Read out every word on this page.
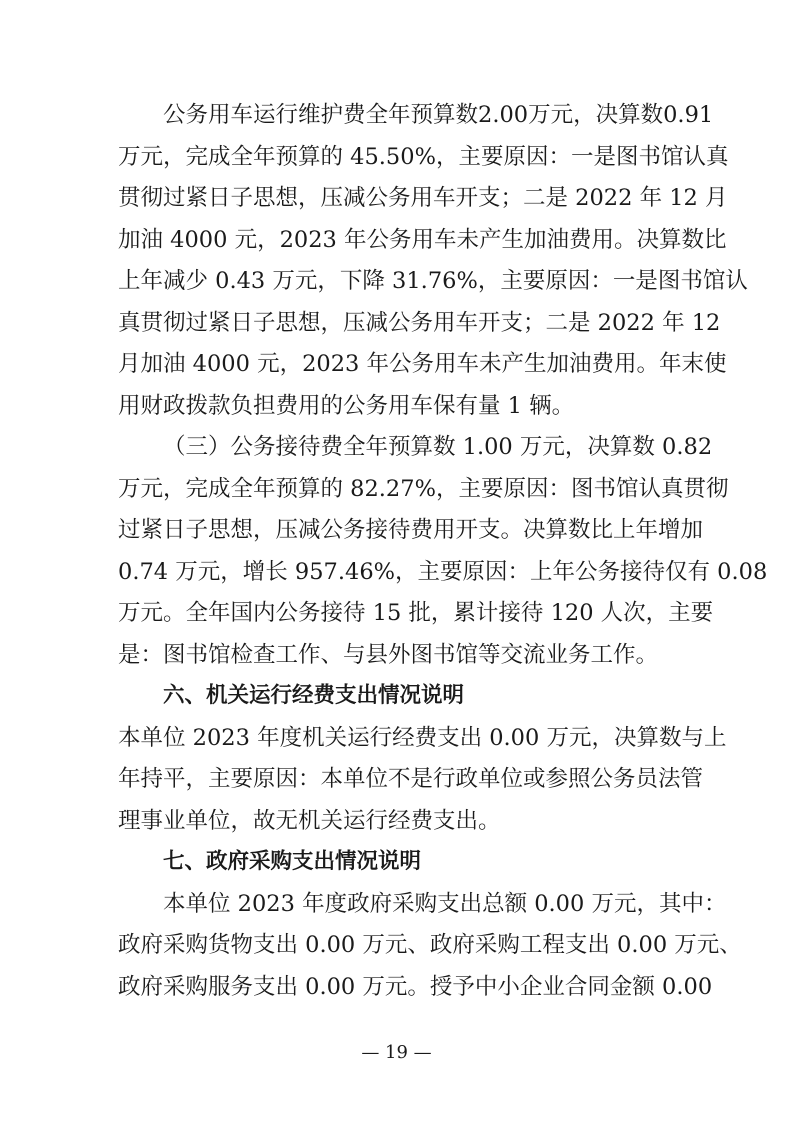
公务用车运行维护费全年预算数2.00万元，决算数0.91
万元，完成全年预算的 45.50%，主要原因：一是图书馆认真
贯彻过紧日子思想，压减公务用车开支；二是 2022 年 12 月
加油 4000 元，2023 年公务用车未产生加油费用。决算数比
上年减少 0.43 万元，下降 31.76%，主要原因：一是图书馆认
真贯彻过紧日子思想，压减公务用车开支；二是 2022 年 12
月加油 4000 元，2023 年公务用车未产生加油费用。年末使
用财政拨款负担费用的公务用车保有量 1 辆。
（三）公务接待费全年预算数 1.00 万元，决算数 0.82
万元，完成全年预算的 82.27%，主要原因：图书馆认真贯彻
过紧日子思想，压减公务接待费用开支。决算数比上年增加
0.74 万元，增长 957.46%，主要原因：上年公务接待仅有 0.08
万元。全年国内公务接待 15 批，累计接待 120 人次，主要
是：图书馆检查工作、与县外图书馆等交流业务工作。
六、机关运行经费支出情况说明
本单位 2023 年度机关运行经费支出 0.00 万元，决算数与上
年持平，主要原因：本单位不是行政单位或参照公务员法管
理事业单位，故无机关运行经费支出。
七、政府采购支出情况说明
本单位 2023 年度政府采购支出总额 0.00 万元，其中：
政府采购货物支出 0.00 万元、政府采购工程支出 0.00 万元、
政府采购服务支出 0.00 万元。授予中小企业合同金额 0.00
— 19 —
